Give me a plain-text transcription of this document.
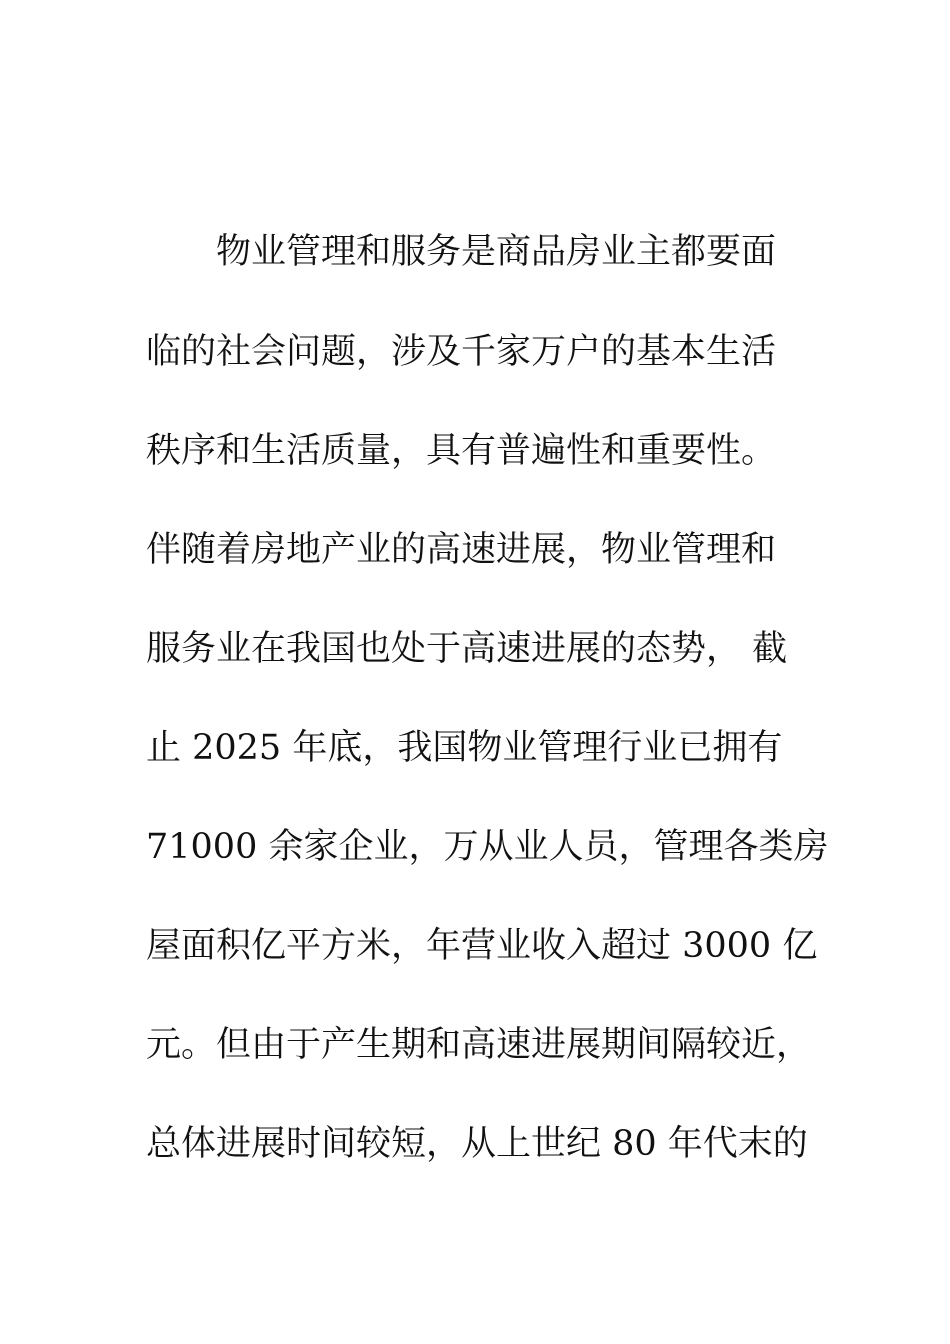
物业管理和服务是商品房业主都要面
临的社会问题，涉及千家万户的基本生活
秩序和生活质量，具有普遍性和重要性。
伴随着房地产业的高速进展，物业管理和
服务业在我国也处于高速进展的态势， 截
止 2025 年底，我国物业管理行业已拥有
71000 余家企业，万从业人员，管理各类房
屋面积亿平方米，年营业收入超过 3000 亿
元。但由于产生期和高速进展期间隔较近，
总体进展时间较短，从上世纪 80 年代末的
